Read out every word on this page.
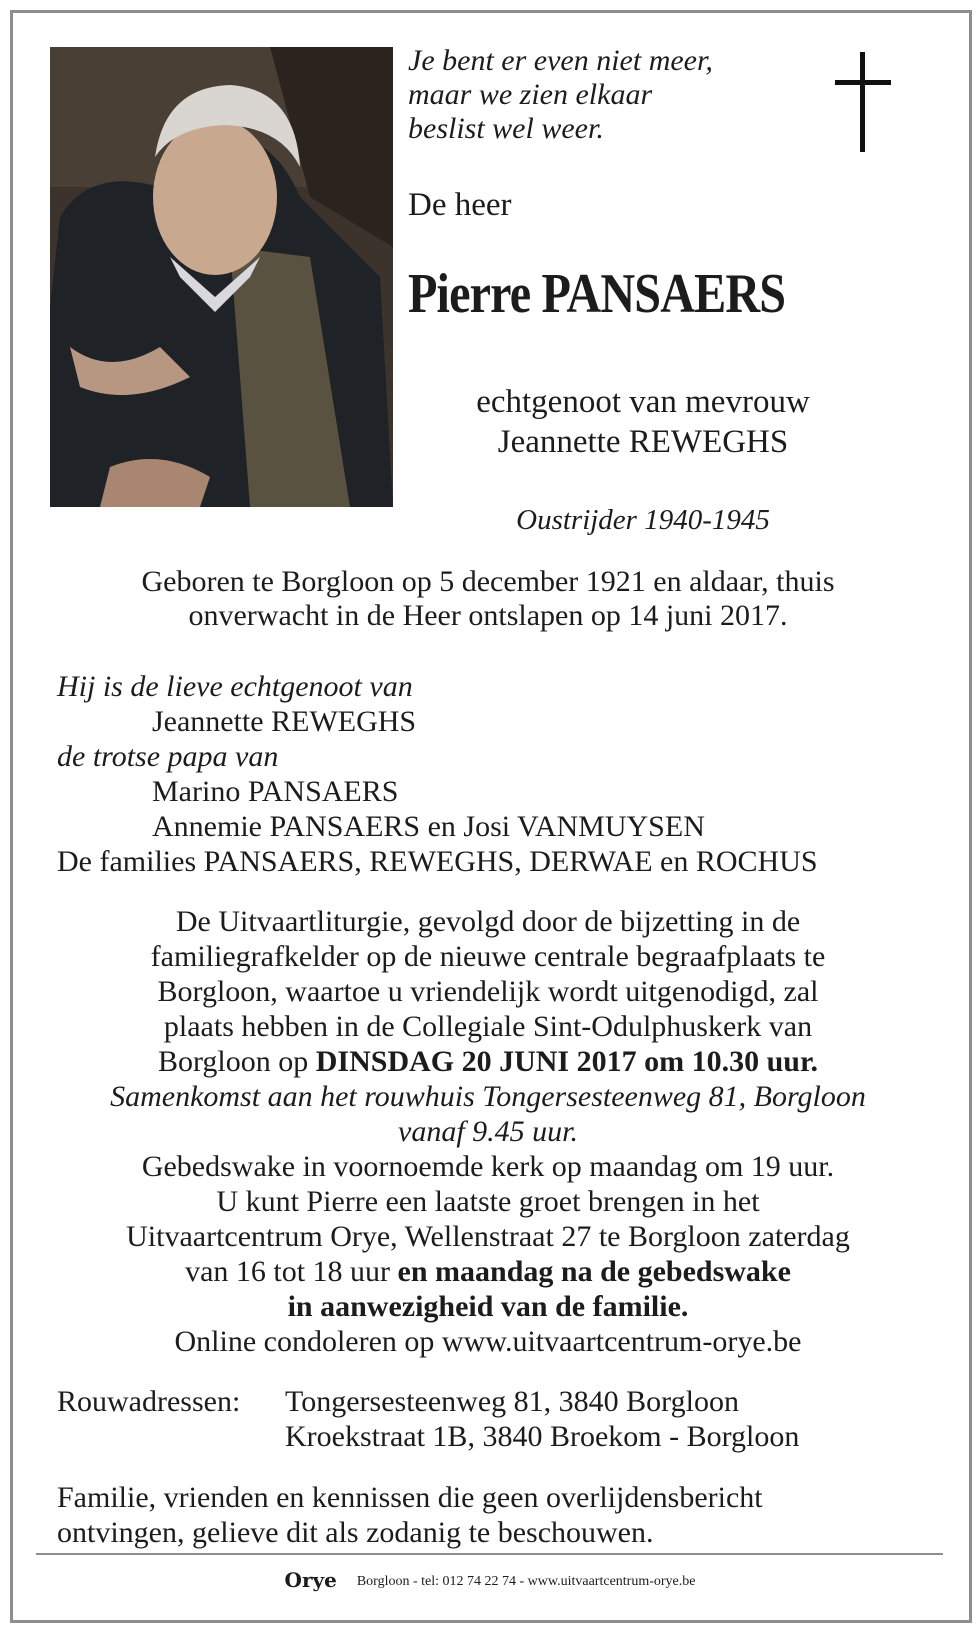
Je bent er even niet meer,
maar we zien elkaar
beslist wel weer.
De heer
Pierre PANSAERS
echtgenoot van mevrouw
Jeannette REWEGHS
Oustrijder 1940-1945
Geboren te Borgloon op 5 december 1921 en aldaar, thuis
onverwacht in de Heer ontslapen op 14 juni 2017.
Hij is de lieve echtgenoot van
Jeannette REWEGHS
de trotse papa van
Marino PANSAERS
Annemie PANSAERS en Josi VANMUYSEN
De families PANSAERS, REWEGHS, DERWAE en ROCHUS
De Uitvaartliturgie, gevolgd door de bijzetting in de
familiegrafkelder op de nieuwe centrale begraafplaats te
Borgloon, waartoe u vriendelijk wordt uitgenodigd, zal
plaats hebben in de Collegiale Sint-Odulphuskerk van
Borgloon op DINSDAG 20 JUNI 2017 om 10.30 uur.
Samenkomst aan het rouwhuis Tongersesteenweg 81, Borgloon
vanaf 9.45 uur.
Gebedswake in voornoemde kerk op maandag om 19 uur.
U kunt Pierre een laatste groet brengen in het
Uitvaartcentrum Orye, Wellenstraat 27 te Borgloon zaterdag
van 16 tot 18 uur en maandag na de gebedswake
in aanwezigheid van de familie.
Online condoleren op www.uitvaartcentrum-orye.be
Rouwadressen: Tongersesteenweg 81, 3840 Borgloon
Kroekstraat 1B, 3840 Broekom - Borgloon
Familie, vrienden en kennissen die geen overlijdensbericht
ontvingen, gelieve dit als zodanig te beschouwen.
Orye Borgloon - tel: 012 74 22 74 - www.uitvaartcentrum-orye.be
